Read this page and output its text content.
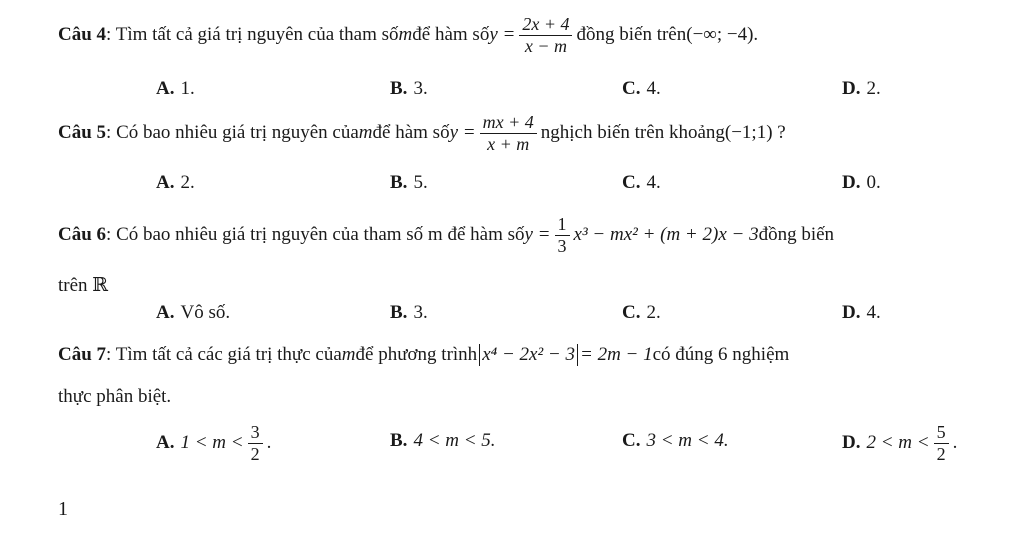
Câu 4 : Tìm tất cả giá trị nguyên của tham số m để hàm số $y = \frac{2x + 4}{x - m}$ đồng biến trên (−∞; −4).
A. 1.	B. 3.	C. 4.	D. 2.
Câu 5 : Có bao nhiêu giá trị nguyên của m để hàm số $y = \frac{mx + 4}{x + m}$ nghịch biến trên khoảng (−1;1) ?
A. 2.	B. 5.	C. 4.	D. 0.
Câu 6 : Có bao nhiêu giá trị nguyên của tham số m để hàm số $y = \frac{1}{3} x^3 - mx^2 + (m + 2)x - 3$ đồng biến
trên ℝ
A. Vô số.	B. 3.	C. 2.	D. 4.
Câu 7 : Tìm tất cả các giá trị thực của m để phương trình x⁴ − 2x² − 3 = 2m − 1 có đúng 6 nghiệm
thực phân biệt.
A. $1 < m < \frac{3}{2}$ .	B. 4 < m < 5.	C. 3 < m < 4.	D. $2 < m < \frac{5}{2}$ .
1
